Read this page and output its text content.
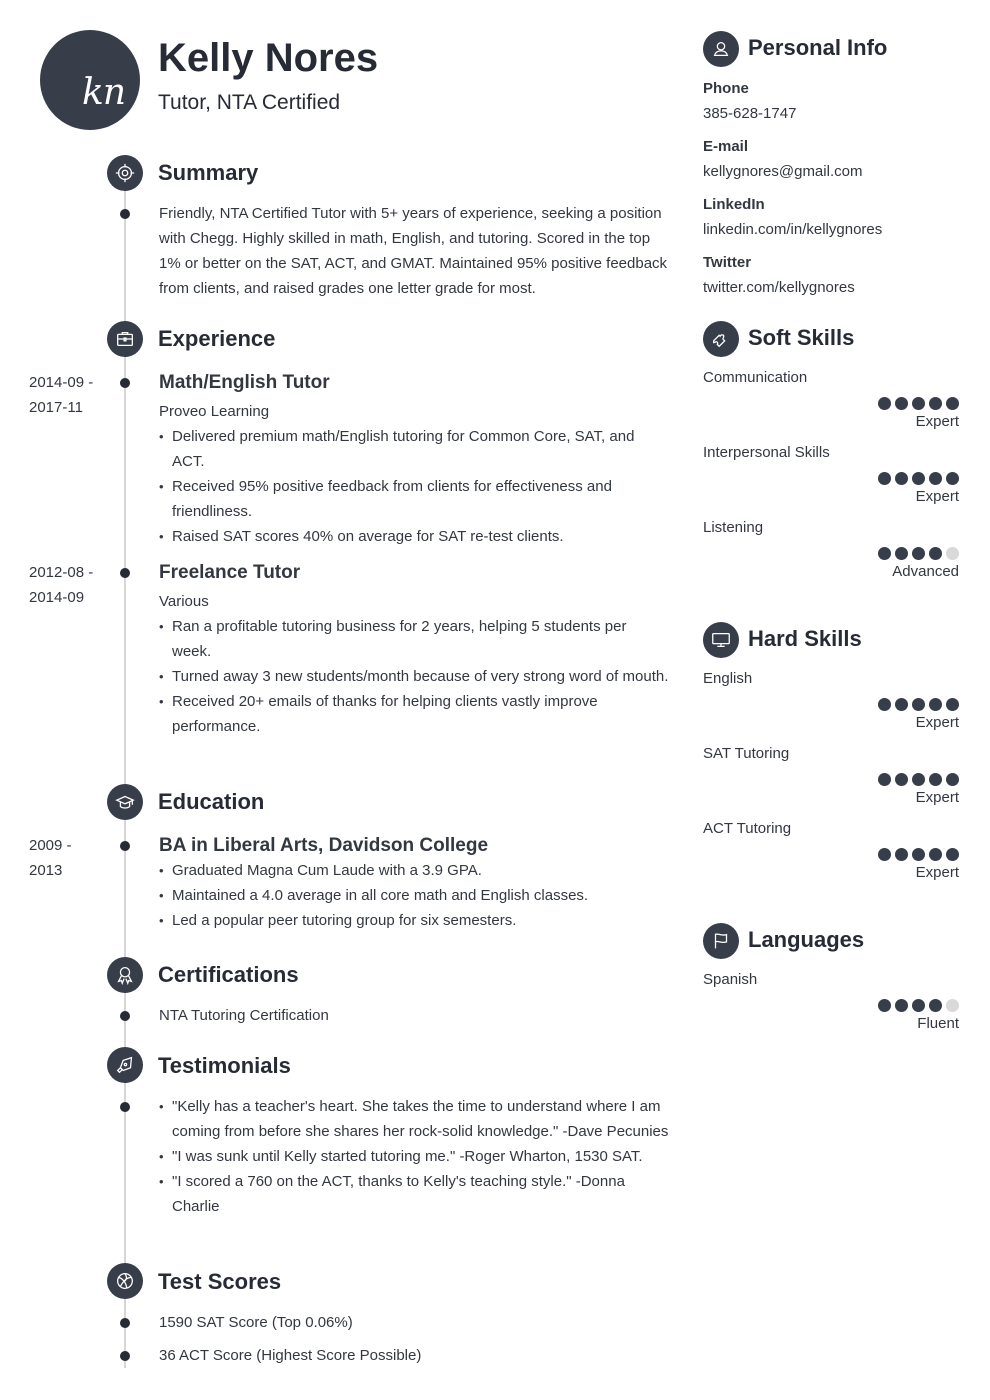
kn
Kelly Nores
Tutor, NTA Certified
Summary
Friendly, NTA Certified Tutor with 5+ years of experience, seeking a position with Chegg. Highly skilled in math, English, and tutoring. Scored in the top 1% or better on the SAT, ACT, and GMAT. Maintained 95% positive feedback from clients, and raised grades one letter grade for most.
Experience
2014-09 -
2017-11
Math/English Tutor
Proveo Learning
• Delivered premium math/English tutoring for Common Core, SAT, and ACT.
• Received 95% positive feedback from clients for effectiveness and friendliness.
• Raised SAT scores 40% on average for SAT re-test clients.
2012-08 -
2014-09
Freelance Tutor
Various
• Ran a profitable tutoring business for 2 years, helping 5 students per week.
• Turned away 3 new students/month because of very strong word of mouth.
• Received 20+ emails of thanks for helping clients vastly improve performance.
Education
2009 -
2013
BA in Liberal Arts, Davidson College
• Graduated Magna Cum Laude with a 3.9 GPA.
• Maintained a 4.0 average in all core math and English classes.
• Led a popular peer tutoring group for six semesters.
Certifications
NTA Tutoring Certification
Testimonials
• "Kelly has a teacher's heart. She takes the time to understand where I am coming from before she shares her rock-solid knowledge." -Dave Pecunies
• "I was sunk until Kelly started tutoring me." -Roger Wharton, 1530 SAT.
• "I scored a 760 on the ACT, thanks to Kelly's teaching style." -Donna Charlie
Test Scores
1590 SAT Score (Top 0.06%)
36 ACT Score (Highest Score Possible)
Personal Info
Phone
385-628-1747
E-mail
kellygnores@gmail.com
LinkedIn
linkedin.com/in/kellygnores
Twitter
twitter.com/kellygnores
Soft Skills
Communication
Expert
Interpersonal Skills
Expert
Listening
Advanced
Hard Skills
English
Expert
SAT Tutoring
Expert
ACT Tutoring
Expert
Languages
Spanish
Fluent
